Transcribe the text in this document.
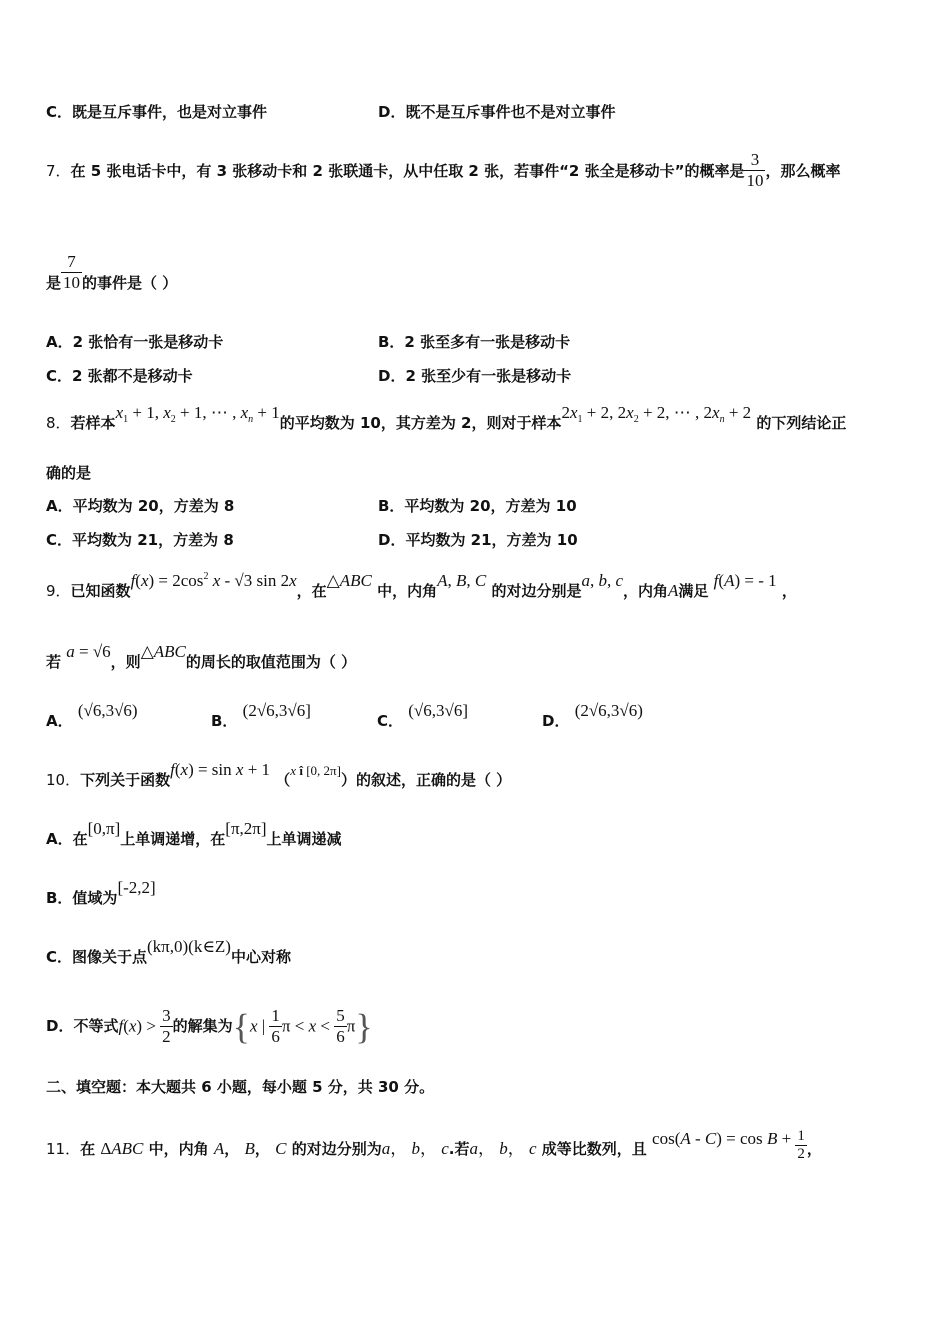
C．既是互斥事件，也是对立事件	D．既不是互斥事件也不是对立事件
7．在 5 张电话卡中，有 3 张移动卡和 2 张联通卡，从中任取 2 张，若事件“2 张全是移动卡”的概率是 $\frac{3}{10}$ ，那么概率
是 $\frac{7}{10}$ 的事件是（ ）
A．2 张恰有一张是移动卡	B．2 张至多有一张是移动卡
C．2 张都不是移动卡	D．2 张至少有一张是移动卡
8．若样本$x_1 + 1$, $x_2 + 1$, ⋯ , $x_n + 1$的平均数为 10，其方差为 2，则对于样本$2x_1 + 2$, $2x_2 + 2$, ⋯ , $2x_n + 2$ 的下列结论正
确的是
A．平均数为 20，方差为 8	B．平均数为 20，方差为 10
C．平均数为 21，方差为 8	D．平均数为 21，方差为 10
9．已知函数$f(x) = 2\cos^2$ x - √3 sin 2x，在△ABC 中，内角A, B, C 的对边分别是a, b, c，内角A满足 f(A) = - 1 ，
若 a = √6，则△ABC的周长的取值范围为（ ）
A． (√6,3√6)
B． (2√6,3√6]
C． (√6,3√6]
D． (2√6,3√6)
10．下列关于函数f(x) = sin x + 1 （x î [0, 2π]）的叙述，正确的是（ ）
A．在[0,π]上单调递增，在[π,2π]上单调递减
B．值域为[-2,2]
C．图像关于点(kπ,0)(k∈Z)中心对称
D．不等式$f(x) > \frac{3}{2}$ 的解集为{x | $\frac{1}{6}$ $\pi < x < \frac{5}{6} \pi$}
二、填空题：本大题共 6 小题，每小题 5 分，共 30 分。
11．在 ΔABC 中，内角 A， B， C 的对边分别为a， b， c.若a， b， c 成等比数列，且 $\cos(A - C) = \cos B + \frac{1}{2}$ ，
